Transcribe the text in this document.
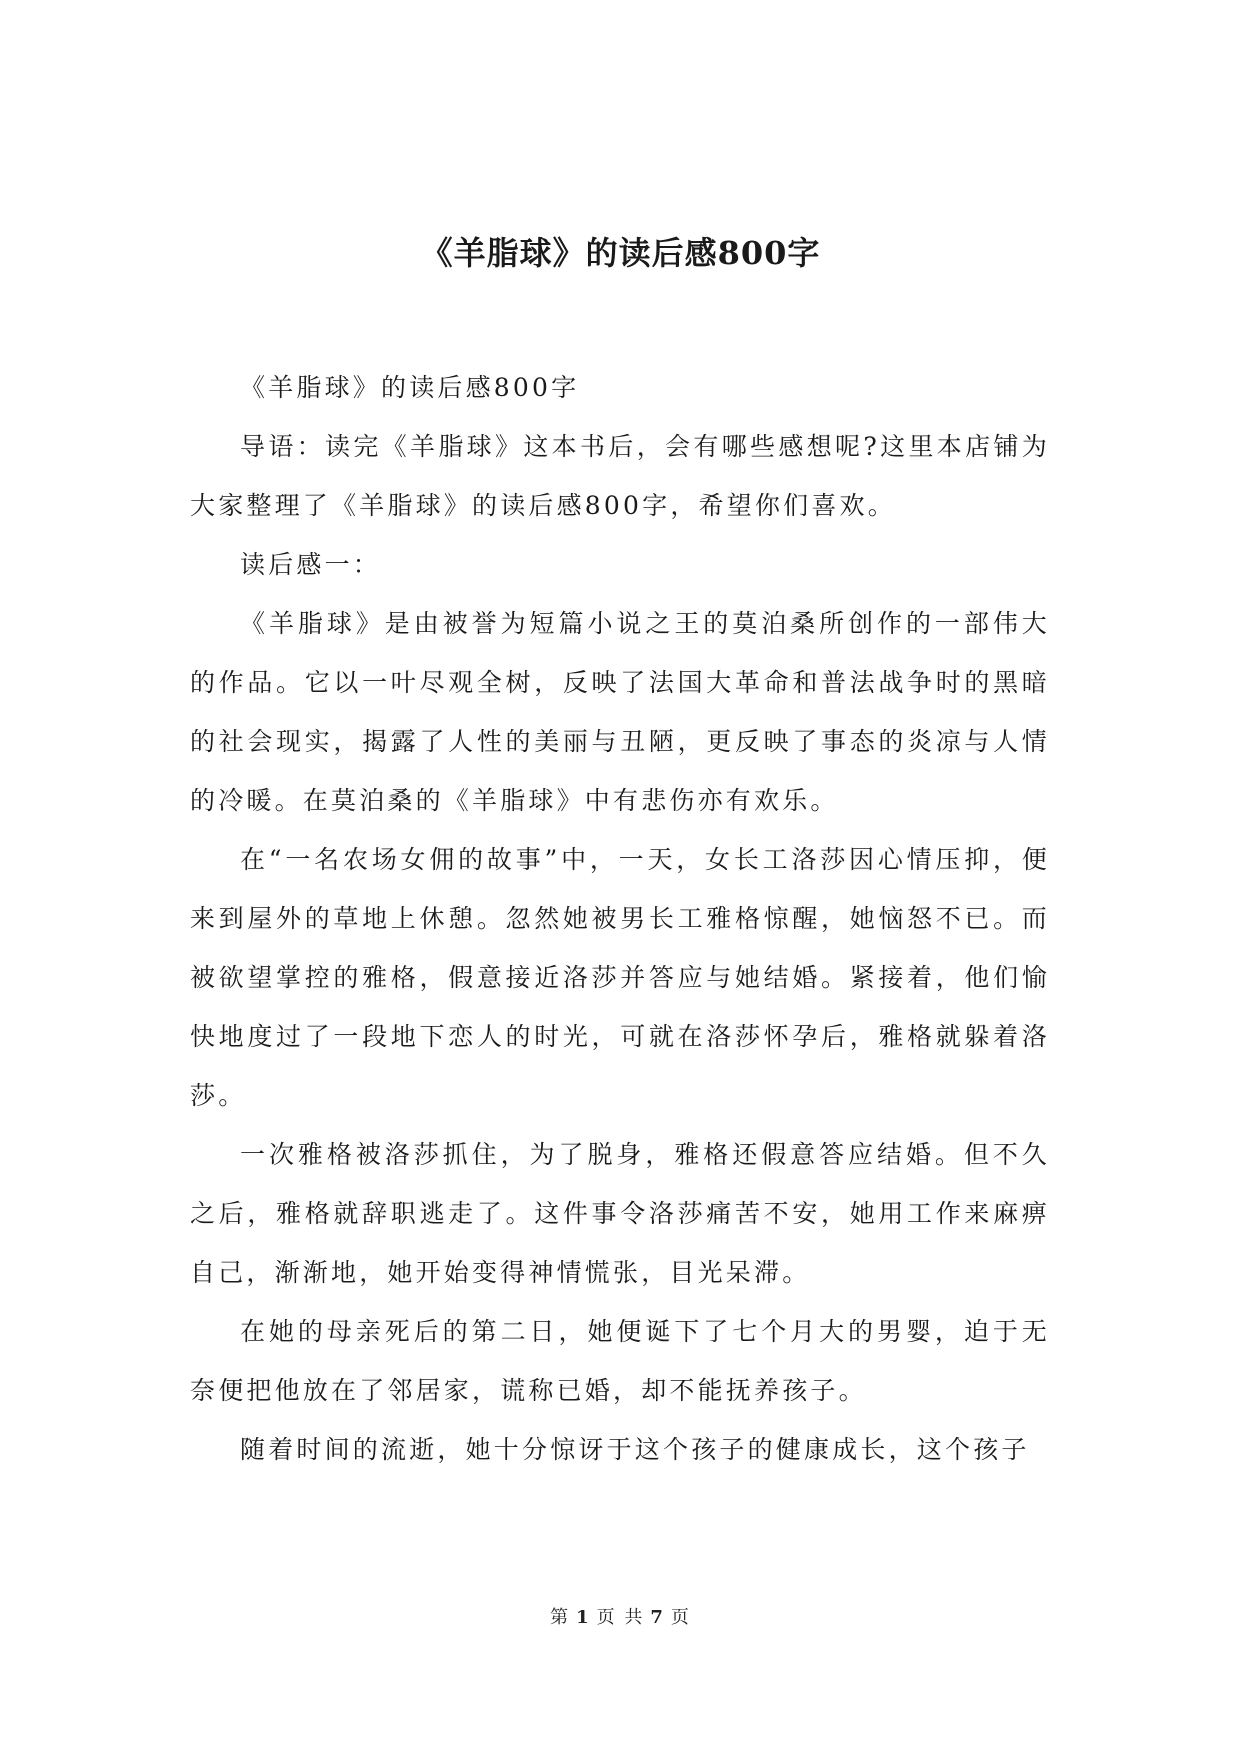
《羊脂球》的读后感800字

《羊脂球》的读后感800字

导语：读完《羊脂球》这本书后，会有哪些感想呢?这里本店铺为大家整理了《羊脂球》的读后感800字，希望你们喜欢。

读后感一：

《羊脂球》是由被誉为短篇小说之王的莫泊桑所创作的一部伟大的作品。它以一叶尽观全树，反映了法国大革命和普法战争时的黑暗的社会现实，揭露了人性的美丽与丑陋，更反映了事态的炎凉与人情的冷暖。在莫泊桑的《羊脂球》中有悲伤亦有欢乐。

在“一名农场女佣的故事”中，一天，女长工洛莎因心情压抑，便来到屋外的草地上休憩。忽然她被男长工雅格惊醒，她恼怒不已。而被欲望掌控的雅格，假意接近洛莎并答应与她结婚。紧接着，他们愉快地度过了一段地下恋人的时光，可就在洛莎怀孕后，雅格就躲着洛莎。

一次雅格被洛莎抓住，为了脱身，雅格还假意答应结婚。但不久之后，雅格就辞职逃走了。这件事令洛莎痛苦不安，她用工作来麻痹自己，渐渐地，她开始变得神情慌张，目光呆滞。

在她的母亲死后的第二日，她便诞下了七个月大的男婴，迫于无奈便把他放在了邻居家，谎称已婚，却不能抚养孩子。

随着时间的流逝，她十分惊讶于这个孩子的健康成长，这个孩子

第 1 页 共 7 页
